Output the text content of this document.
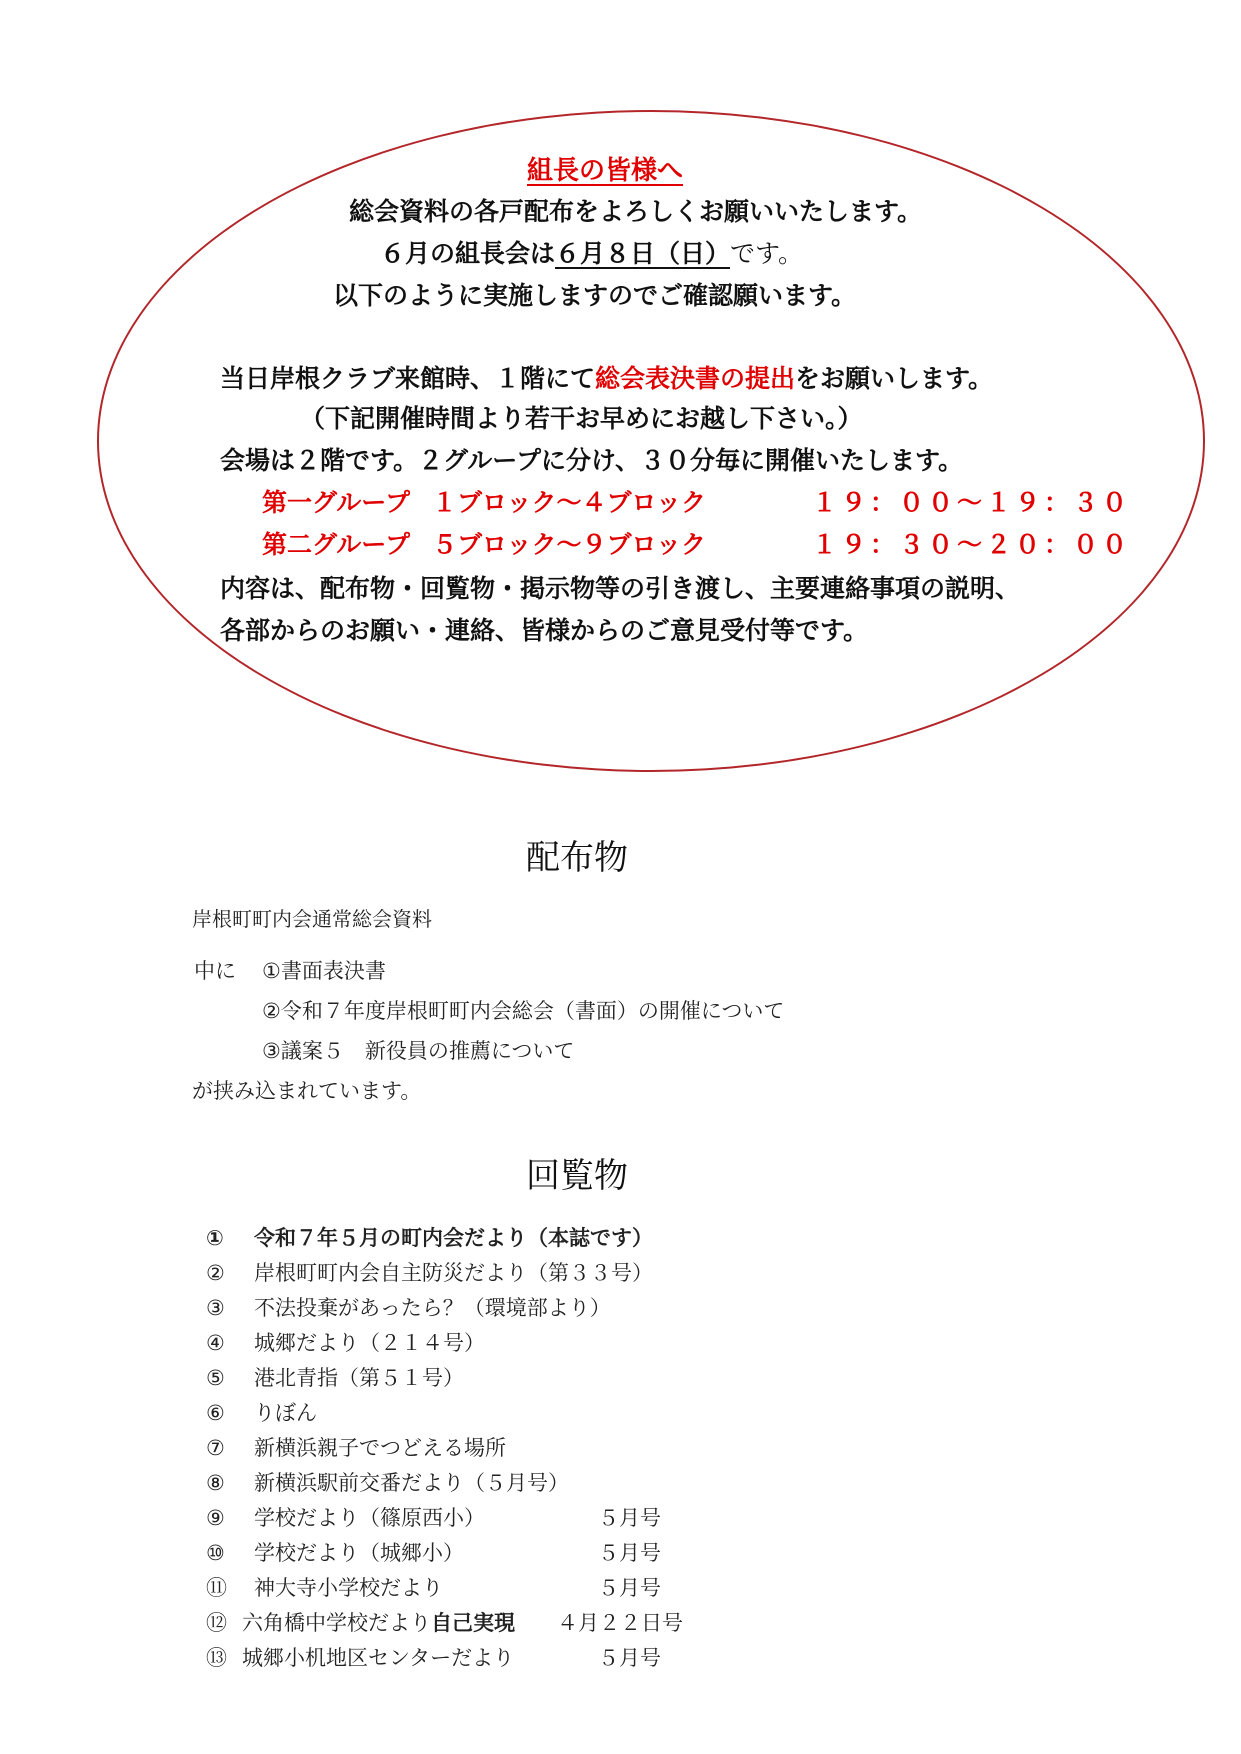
組長の皆様へ
総会資料の各戸配布をよろしくお願いいたします。
６月の組長会は６月８日（日）です。
以下のように実施しますのでご確認願います。
当日岸根クラブ来館時、１階にて総会表決書の提出をお願いします。
（下記開催時間より若干お早めにお越し下さい。）
会場は２階です。２グループに分け、３０分毎に開催いたします。
第一グループ １ブロック～４ブロック	１９：００～１９：３０
第二グループ ５ブロック～９ブロック	１９：３０～２０：００
内容は、配布物・回覧物・掲示物等の引き渡し、主要連絡事項の説明、
各部からのお願い・連絡、皆様からのご意見受付等です。
配布物
岸根町町内会通常総会資料
中に ①書面表決書
②令和７年度岸根町町内会総会（書面）の開催について
③議案５　新役員の推薦について
が挟み込まれています。
回覧物
① 令和７年５月の町内会だより（本誌です）
② 岸根町町内会自主防災だより（第３３号）
③ 不法投棄があったら？（環境部より）
④ 城郷だより（２１４号）
⑤ 港北青指（第５１号）
⑥ りぼん
⑦ 新横浜親子でつどえる場所
⑧ 新横浜駅前交番だより（５月号）
⑨ 学校だより（篠原西小）	５月号
⑩ 学校だより（城郷小）	５月号
⑪ 神大寺小学校だより	５月号
⑫ 六角橋中学校だより自己実現 ４月２２日号
⑬ 城郷小机地区センターだより	５月号
